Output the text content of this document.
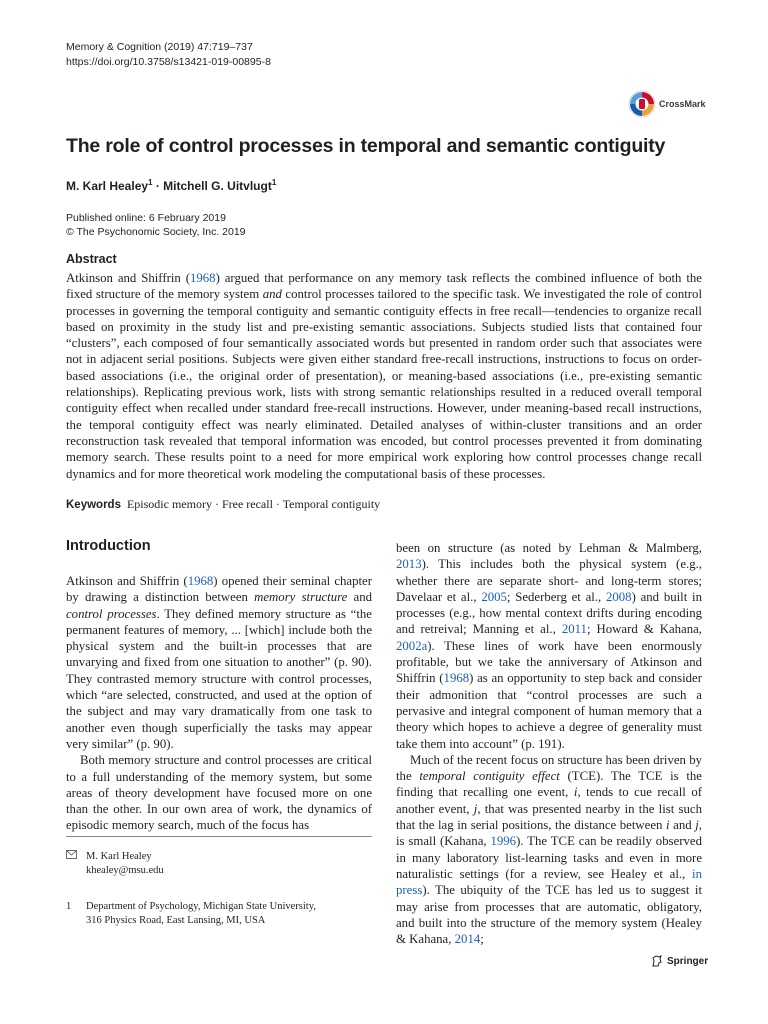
Memory & Cognition (2019) 47:719–737
https://doi.org/10.3758/s13421-019-00895-8
CrossMark
The role of control processes in temporal and semantic contiguity
M. Karl Healey$^1$ · Mitchell G. Uitvlugt$^1$
Published online: 6 February 2019
© The Psychonomic Society, Inc. 2019
Abstract

Atkinson and Shiffrin (1968) argued that performance on any memory task reflects the combined influence of both the fixed structure of the memory system and control processes tailored to the specific task. We investigated the role of control processes in governing the temporal contiguity and semantic contiguity effects in free recall—tendencies to organize recall based on proximity in the study list and pre-existing semantic associations. Subjects studied lists that contained four “clusters”, each composed of four semantically associated words but presented in random order such that associates were not in adjacent serial positions. Subjects were given either standard free-recall instructions, instructions to focus on order-based associations (i.e., the original order of presentation), or meaning-based associations (i.e., pre-existing semantic relationships). Replicating previous work, lists with strong semantic relationships resulted in a reduced overall temporal contiguity effect when recalled under standard free-recall instructions. However, under meaning-based recall instructions, the temporal contiguity effect was nearly eliminated. Detailed analyses of within-cluster transitions and an order reconstruction task revealed that temporal information was encoded, but control processes prevented it from dominating memory search. These results point to a need for more empirical work exploring how control processes change recall dynamics and for more theoretical work modeling the computational basis of these processes.

Keywords Episodic memory · Free recall · Temporal contiguity
Introduction

Atkinson and Shiffrin (1968) opened their seminal chapter by drawing a distinction between memory structure and control processes. They defined memory structure as “the permanent features of memory, ... [which] include both the physical system and the built-in processes that are unvarying and fixed from one situation to another” (p. 90). They contrasted memory structure with control processes, which “are selected, constructed, and used at the option of the subject and may vary dramatically from one task to another even though superficially the tasks may appear very similar” (p. 90).

Both memory structure and control processes are critical to a full understanding of the memory system, but some areas of theory development have focused more on one than the other. In our own area of work, the dynamics of episodic memory search, much of the focus has

M. Karl Healey
khealey@msu.edu
1	Department of Psychology, Michigan State University,
316 Physics Road, East Lansing, MI, USA

been on structure (as noted by Lehman & Malmberg, 2013). This includes both the physical system (e.g., whether there are separate short- and long-term stores; Davelaar et al., 2005; Sederberg et al., 2008) and built in processes (e.g., how mental context drifts during encoding and retreival; Manning et al., 2011; Howard & Kahana, 2002a). These lines of work have been enormously profitable, but we take the anniversary of Atkinson and Shiffrin (1968) as an opportunity to step back and consider their admonition that “control processes are such a pervasive and integral component of human memory that a theory which hopes to achieve a degree of generality must take them into account” (p. 191).

Much of the recent focus on structure has been driven by the temporal contiguity effect (TCE). The TCE is the finding that recalling one event, i, tends to cue recall of another event, j, that was presented nearby in the list such that the lag in serial positions, the distance between i and j, is small (Kahana, 1996). The TCE can be readily observed in many laboratory list-learning tasks and even in more naturalistic settings (for a review, see Healey et al., in press). The ubiquity of the TCE has led us to suggest it may arise from processes that are automatic, obligatory, and built into the structure of the memory system (Healey & Kahana, 2014;

Springer
